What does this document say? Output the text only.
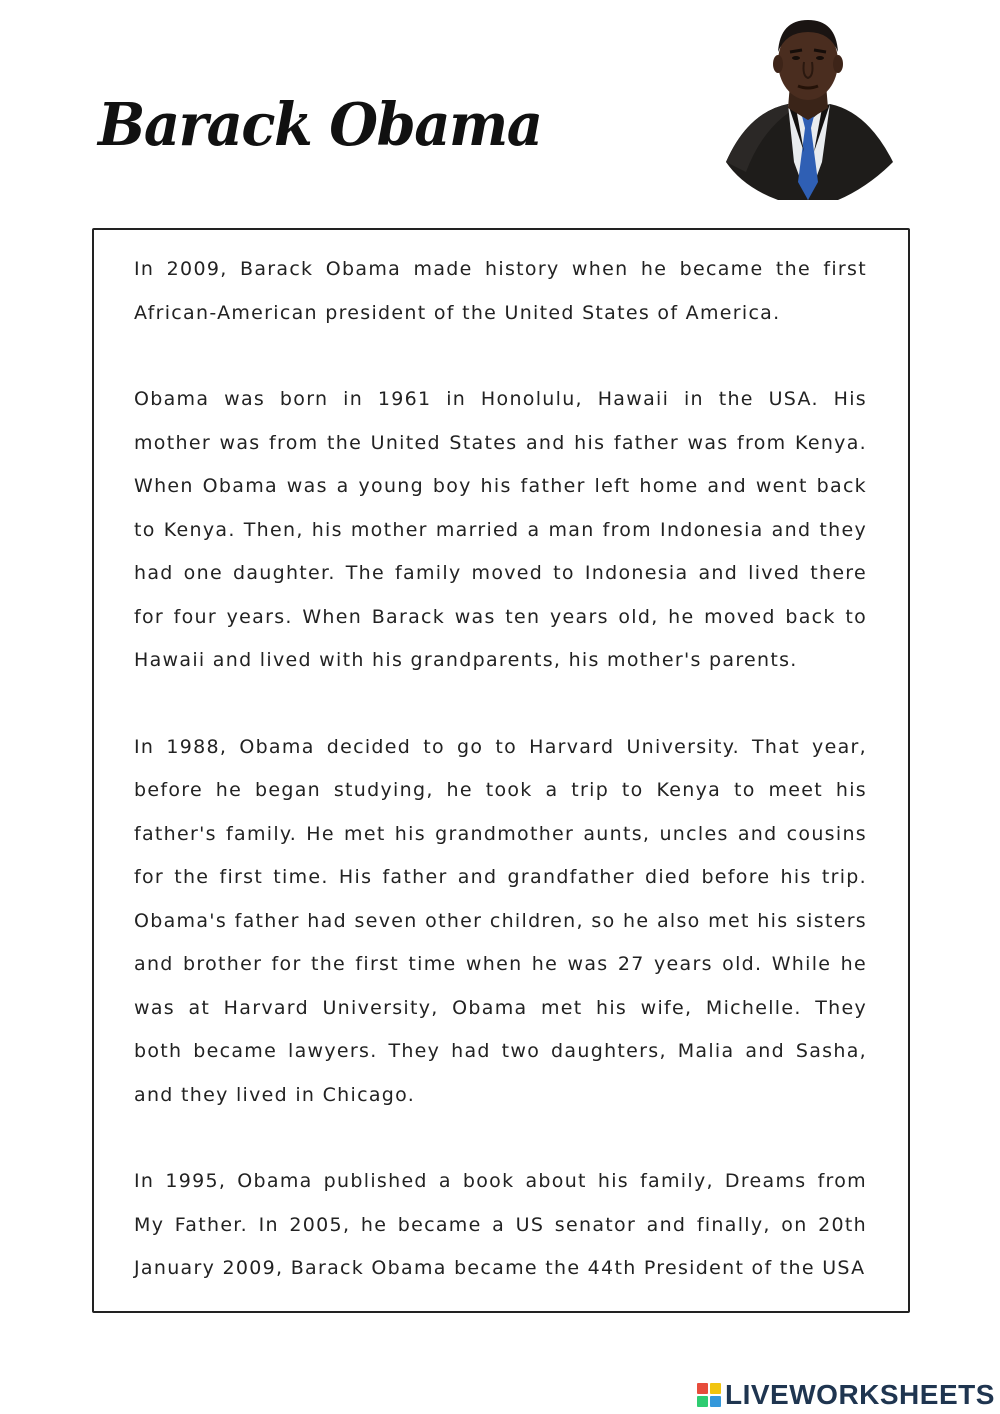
Barack Obama

In 2009, Barack Obama made history when he became the first African-American president of the United States of America.

Obama was born in 1961 in Honolulu, Hawaii in the USA. His mother was from the United States and his father was from Kenya. When Obama was a young boy his father left home and went back to Kenya. Then, his mother married a man from Indonesia and they had one daughter. The family moved to Indonesia and lived there for four years. When Barack was ten years old, he moved back to Hawaii and lived with his grandparents, his mother's parents.

In 1988, Obama decided to go to Harvard University. That year, before he began studying, he took a trip to Kenya to meet his father's family. He met his grandmother aunts, uncles and cousins for the first time. His father and grandfather died before his trip. Obama's father had seven other children, so he also met his sisters and brother for the first time when he was 27 years old. While he was at Harvard University, Obama met his wife, Michelle. They both became lawyers. They had two daughters, Malia and Sasha, and they lived in Chicago.

In 1995, Obama published a book about his family, Dreams from My Father. In 2005, he became a US senator and finally, on 20th January 2009, Barack Obama became the 44th President of the USA

LIVEWORKSHEETS
